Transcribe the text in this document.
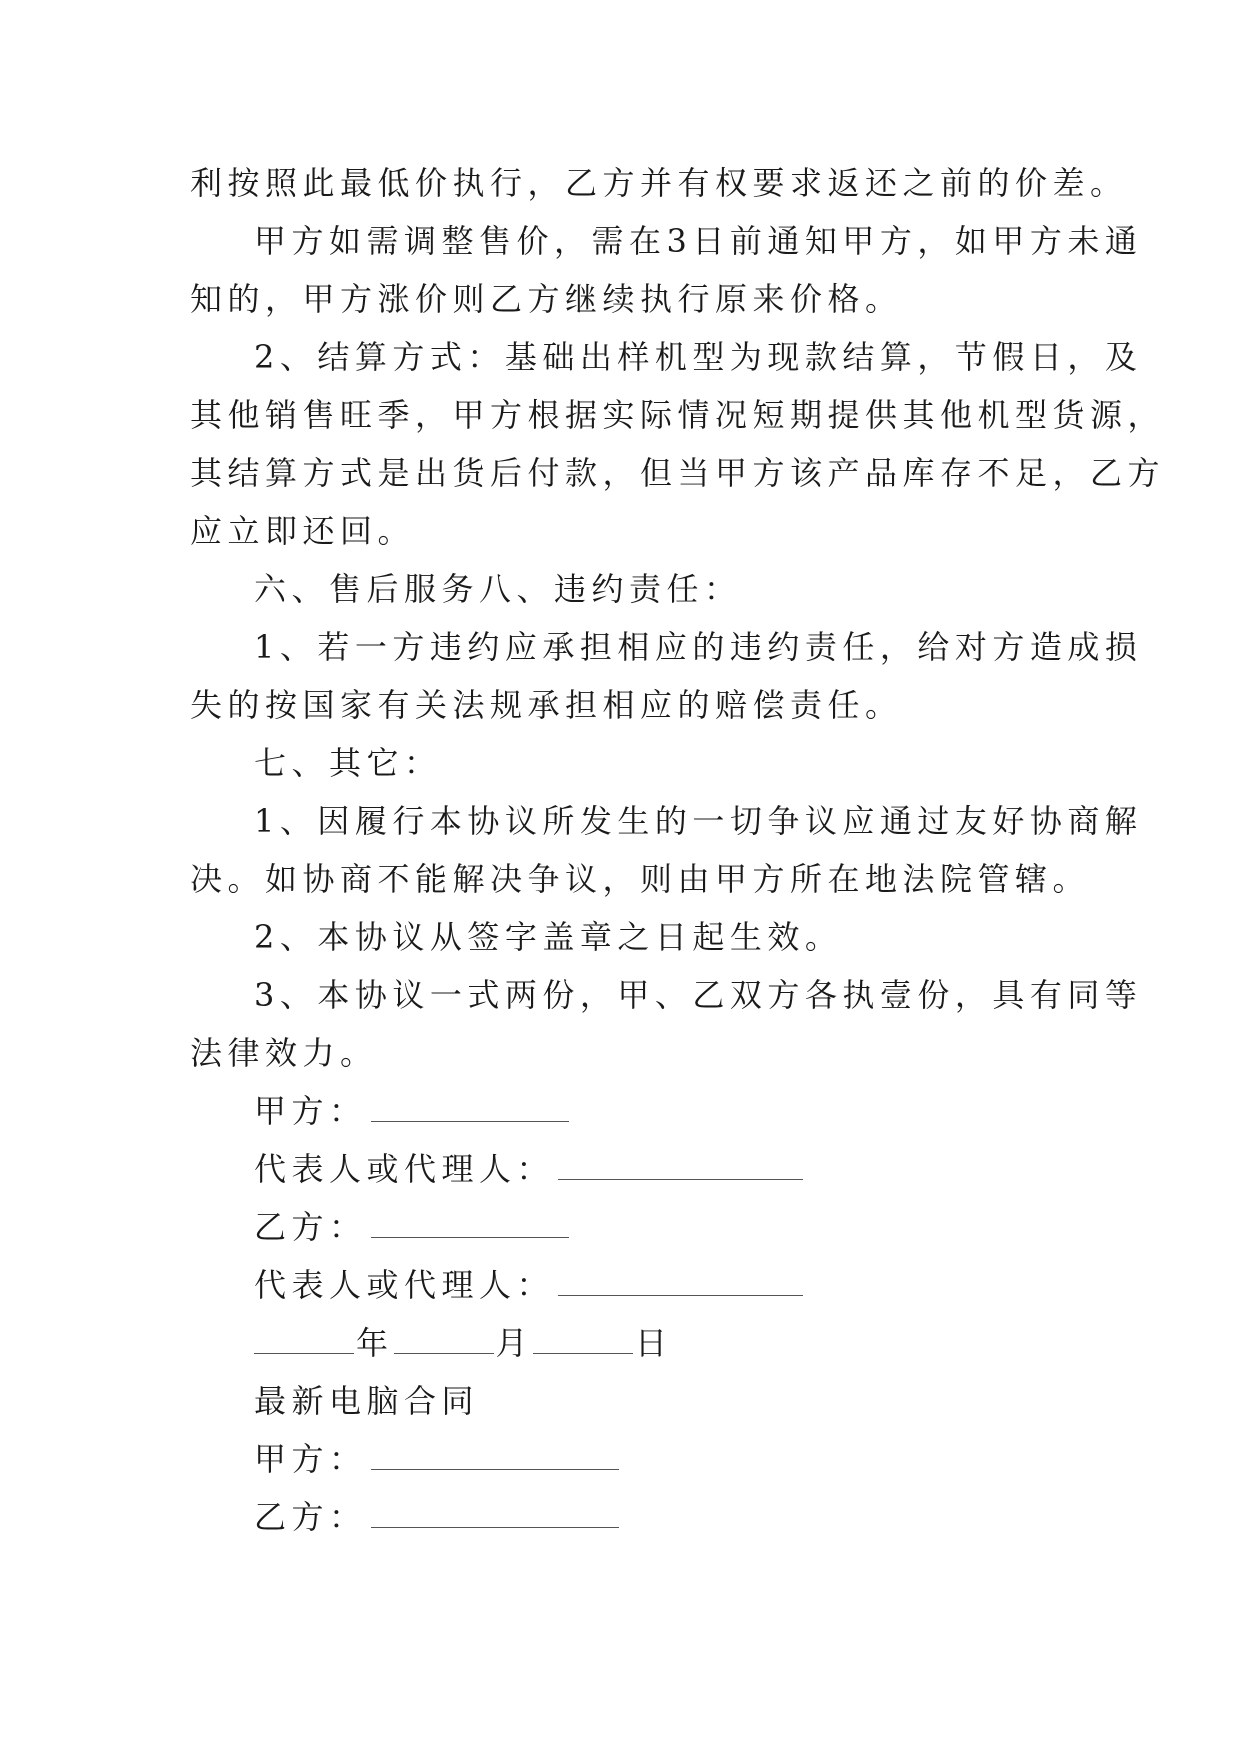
利按照此最低价执行，乙方并有权要求返还之前的价差。
甲方如需调整售价，需在3日前通知甲方，如甲方未通
知的，甲方涨价则乙方继续执行原来价格。
2、结算方式：基础出样机型为现款结算，节假日，及
其他销售旺季，甲方根据实际情况短期提供其他机型货源，
其结算方式是出货后付款，但当甲方该产品库存不足，乙方
应立即还回。
六、售后服务八、违约责任：
1、若一方违约应承担相应的违约责任，给对方造成损
失的按国家有关法规承担相应的赔偿责任。
七、其它：
1、因履行本协议所发生的一切争议应通过友好协商解
决。如协商不能解决争议，则由甲方所在地法院管辖。
2、本协议从签字盖章之日起生效。
3、本协议一式两份，甲、乙双方各执壹份，具有同等
法律效力。
甲方：
代表人或代理人：
乙方：
代表人或代理人：
年	月	日
最新电脑合同
甲方：
乙方：
